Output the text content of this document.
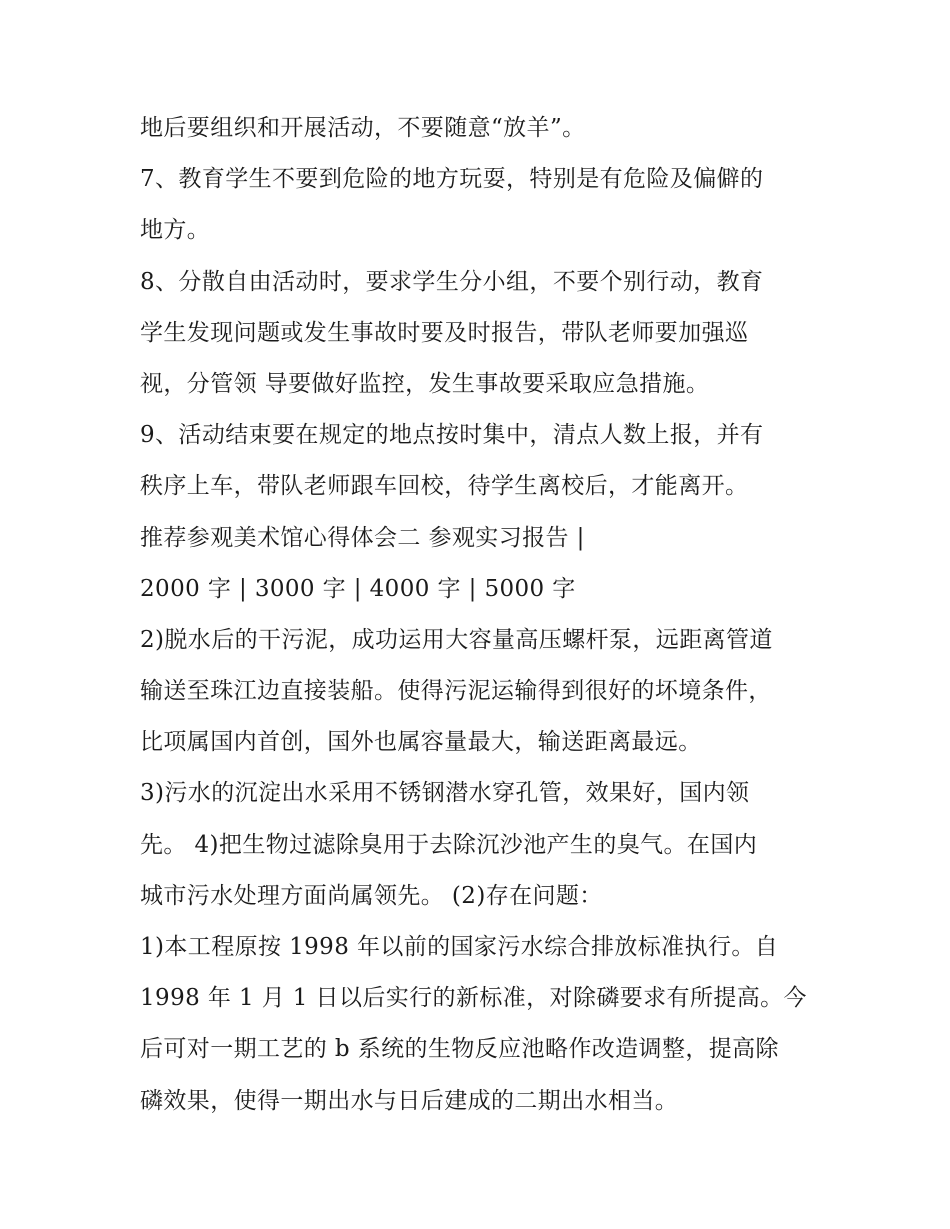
地后要组织和开展活动，不要随意“放羊”。
7、教育学生不要到危险的地方玩耍，特别是有危险及偏僻的
地方。
8、分散自由活动时，要求学生分小组，不要个别行动，教育
学生发现问题或发生事故时要及时报告，带队老师要加强巡
视，分管领 导要做好监控，发生事故要采取应急措施。
9、活动结束要在规定的地点按时集中，清点人数上报，并有
秩序上车，带队老师跟车回校，待学生离校后，才能离开。
推荐参观美术馆心得体会二 参观实习报告 |
2000 字 | 3000 字 | 4000 字 | 5000 字
2)脱水后的干污泥，成功运用大容量高压螺杆泵，远距离管道
输送至珠江边直接装船。使得污泥运输得到很好的坏境条件，
比项属国内首创，国外也属容量最大，输送距离最远。
3)污水的沉淀出水采用不锈钢潜水穿孔管，效果好，国内领
先。 4)把生物过滤除臭用于去除沉沙池产生的臭气。在国内
城市污水处理方面尚属领先。 (2)存在问题：
1)本工程原按 1998 年以前的国家污水综合排放标准执行。自
1998 年 1 月 1 日以后实行的新标准，对除磷要求有所提高。今
后可对一期工艺的 b 系统的生物反应池略作改造调整，提高除
磷效果，使得一期出水与日后建成的二期出水相当。
